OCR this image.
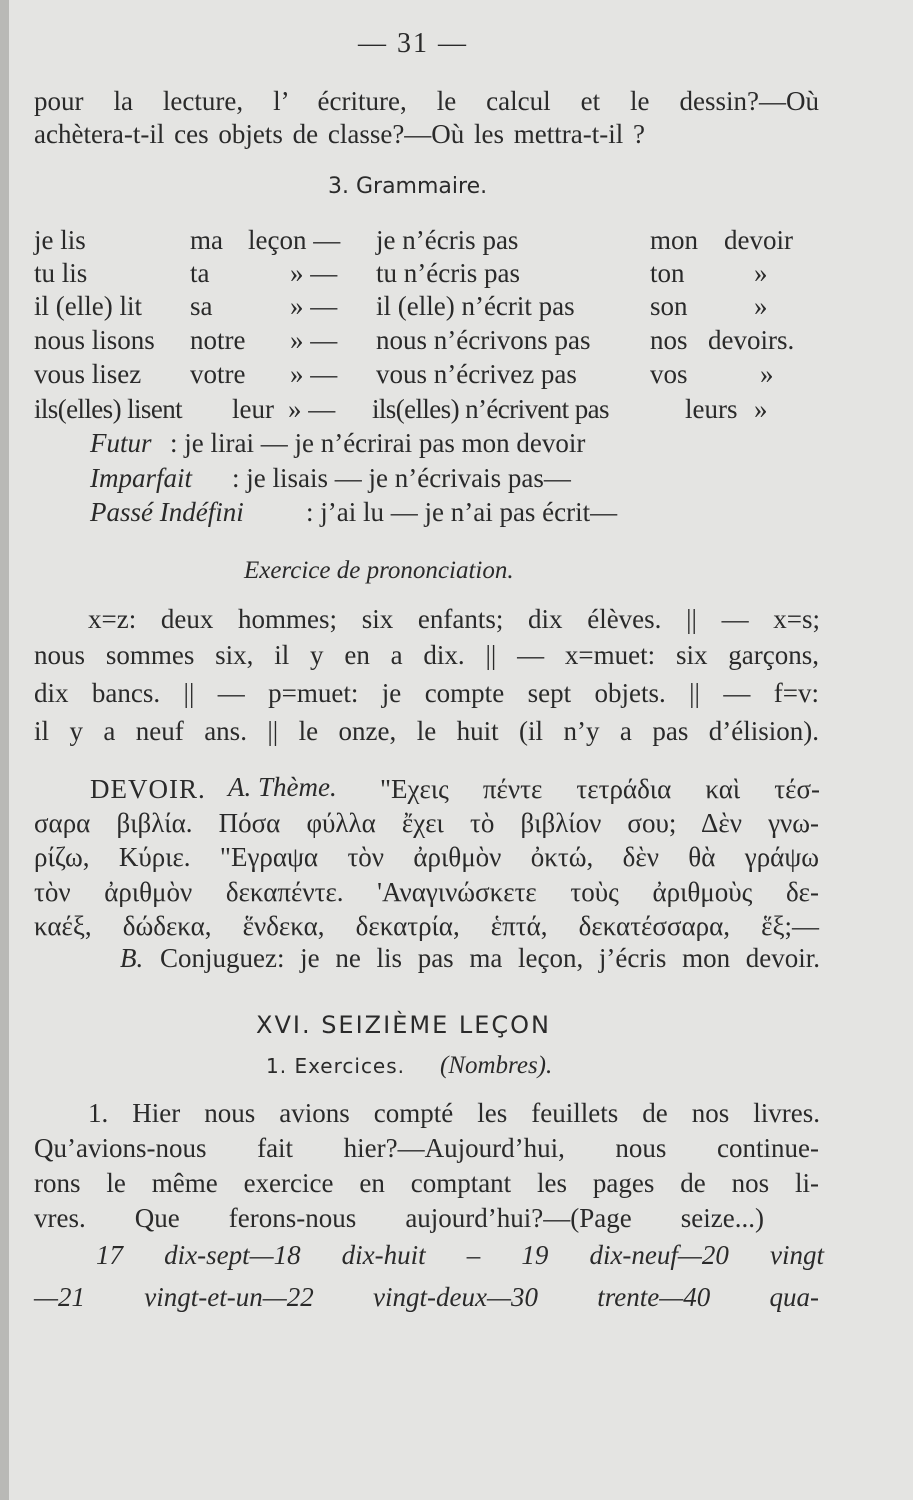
— 31 —
pour la lecture, l’ écriture, le calcul et le dessin?—Où
achètera-t-il ces objets de classe?—Où les mettra-t-il ?
3. Grammaire.
je lis	ma leçon — je n’écris pas	mon devoir
tu lis	ta	» — tu n’écris pas	ton	»
il (elle) lit sa	» — il (elle) n’écrit pas	son »
nous lisons notre » — nous n’écrivons pas nos devoirs.
vous lisez votre » — vous n’écrivez pas	vos	»
ils(elles) lisent leur » — ils(elles) n’écrivent pas	leurs »
Futur : je lirai — je n’écrirai pas mon devoir
Imparfait : je lisais — je n’écrivais pas—
Passé Indéfini : j’ai lu — je n’ai pas écrit—
Exercice de prononciation.
x=z: deux hommes; six enfants; dix élèves. || — x=s;
nous sommes six, il y en a dix. || — x=muet: six garçons,
dix bancs. || — p=muet: je compte sept objets. || — f=v:
il y a neuf ans. || le onze, le huit (il n’y a pas d’élision).
DEVOIR. A. Thème. "Εχεις πέντε τετράδια καὶ τέσ-
σαρα βιβλία. Πόσα φύλλα ἔχει τὸ βιβλίον σου; Δὲν γνω-
ρίζω, Κύριε. "Εγραψα τὸν ἀριθμὸν ὀκτώ, δὲν θὰ γράψω
τὸν ἀριθμὸν δεκαπέντε. 'Αναγινώσκετε τοὺς ἀριθμοὺς δε-
καέξ, δώδεκα, ἕνδεκα, δεκατρία, ἑπτά, δεκατέσσαρα, ἕξ;—
B. Conjuguez: je ne lis pas ma leçon, j’écris mon devoir.
XVI. SEIZIÈME LEÇON
1. Exercices. (Nombres).
1. Hier nous avions compté les feuillets de nos livres.
Qu’avions-nous fait hier?—Aujourd’hui, nous continue-
rons le même exercice en comptant les pages de nos li-
vres. Que ferons-nous aujourd’hui?—(Page seize...)
17 dix-sept—18 dix-huit – 19 dix-neuf—20 vingt
—21 vingt-et-un—22 vingt-deux—30 trente—40 qua-
